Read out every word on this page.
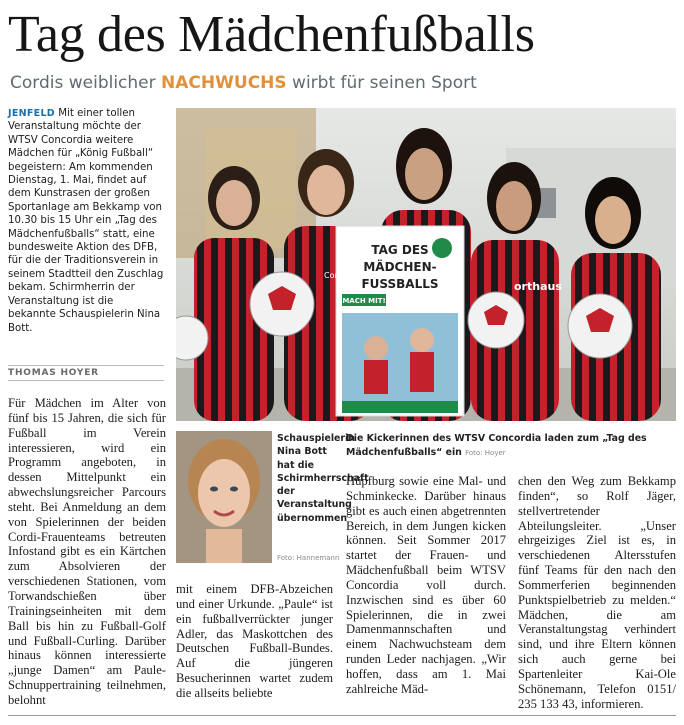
Tag des Mädchenfußballs
Cordis weiblicher NACHWUCHS wirbt für seinen Sport
JENFELD Mit einer tollen Veranstaltung möchte der WTSV Concordia weitere Mädchen für „König Fußball“ begeistern: Am kommenden Dienstag, 1. Mai, findet auf dem Kunstrasen der großen Sportanlage am Bekkamp von 10.30 bis 15 Uhr ein „Tag des Mädchenfußballs“ statt, eine bundesweite Aktion des DFB, für die der Traditionsverein in seinem Stadtteil den Zuschlag bekam. Schirmherrin der Veranstaltung ist die bekannte Schauspielerin Nina Bott.
THOMAS HOYER
TAG DES
MÄDCHEN-
FUSSBALLS
MACH MIT!
orthaus
Concordia
Schauspielerin Nina Bott hat die Schirmherrschaft der Veranstaltung übernommen
Foto: Hannemann
Die Kickerinnen des WTSV Concordia laden zum „Tag des Mädchenfußballs“ ein Foto: Hoyer
Für Mädchen im Alter von fünf bis 15 Jahren, die sich für Fußball im Verein interessieren, wird ein Programm angeboten, in dessen Mittelpunkt ein abwechslungsreicher Parcours steht. Bei Anmeldung an dem von Spielerinnen der beiden Cordi-Frauenteams betreuten Infostand gibt es ein Kärtchen zum Absolvieren der verschiedenen Stationen, vom Torwandschießen über Trainingseinheiten mit dem Ball bis hin zu Fußball-Golf und Fußball-Curling. Darüber hinaus können interessierte „junge Damen“ am Paule-Schnuppertraining teilnehmen, belohnt
mit einem DFB-Abzeichen und einer Urkunde. „Paule“ ist ein fußballverrückter junger Adler, das Maskottchen des Deutschen Fußball-Bundes. Auf die jüngeren Besucherinnen wartet zudem die allseits beliebte
Hüpfburg sowie eine Mal- und Schminkecke. Darüber hinaus gibt es auch einen abgetrennten Bereich, in dem Jungen kicken können. Seit Sommer 2017 startet der Frauen- und Mädchenfußball beim WTSV Concordia voll durch. Inzwischen sind es über 60 Spielerinnen, die in zwei Damenmannschaften und einem Nachwuchsteam dem runden Leder nachjagen. „Wir hoffen, dass am 1. Mai zahlreiche Mäd-
chen den Weg zum Bekkamp finden“, so Rolf Jäger, stellvertretender Abteilungsleiter. „Unser ehrgeiziges Ziel ist es, in verschiedenen Altersstufen fünf Teams für den nach den Sommerferien beginnenden Punktspielbetrieb zu melden.“ Mädchen, die am Veranstaltungstag verhindert sind, und ihre Eltern können sich auch gerne bei Spartenleiter Kai-Ole Schönemann, Telefon 0151/ 235 133 43, informieren.
